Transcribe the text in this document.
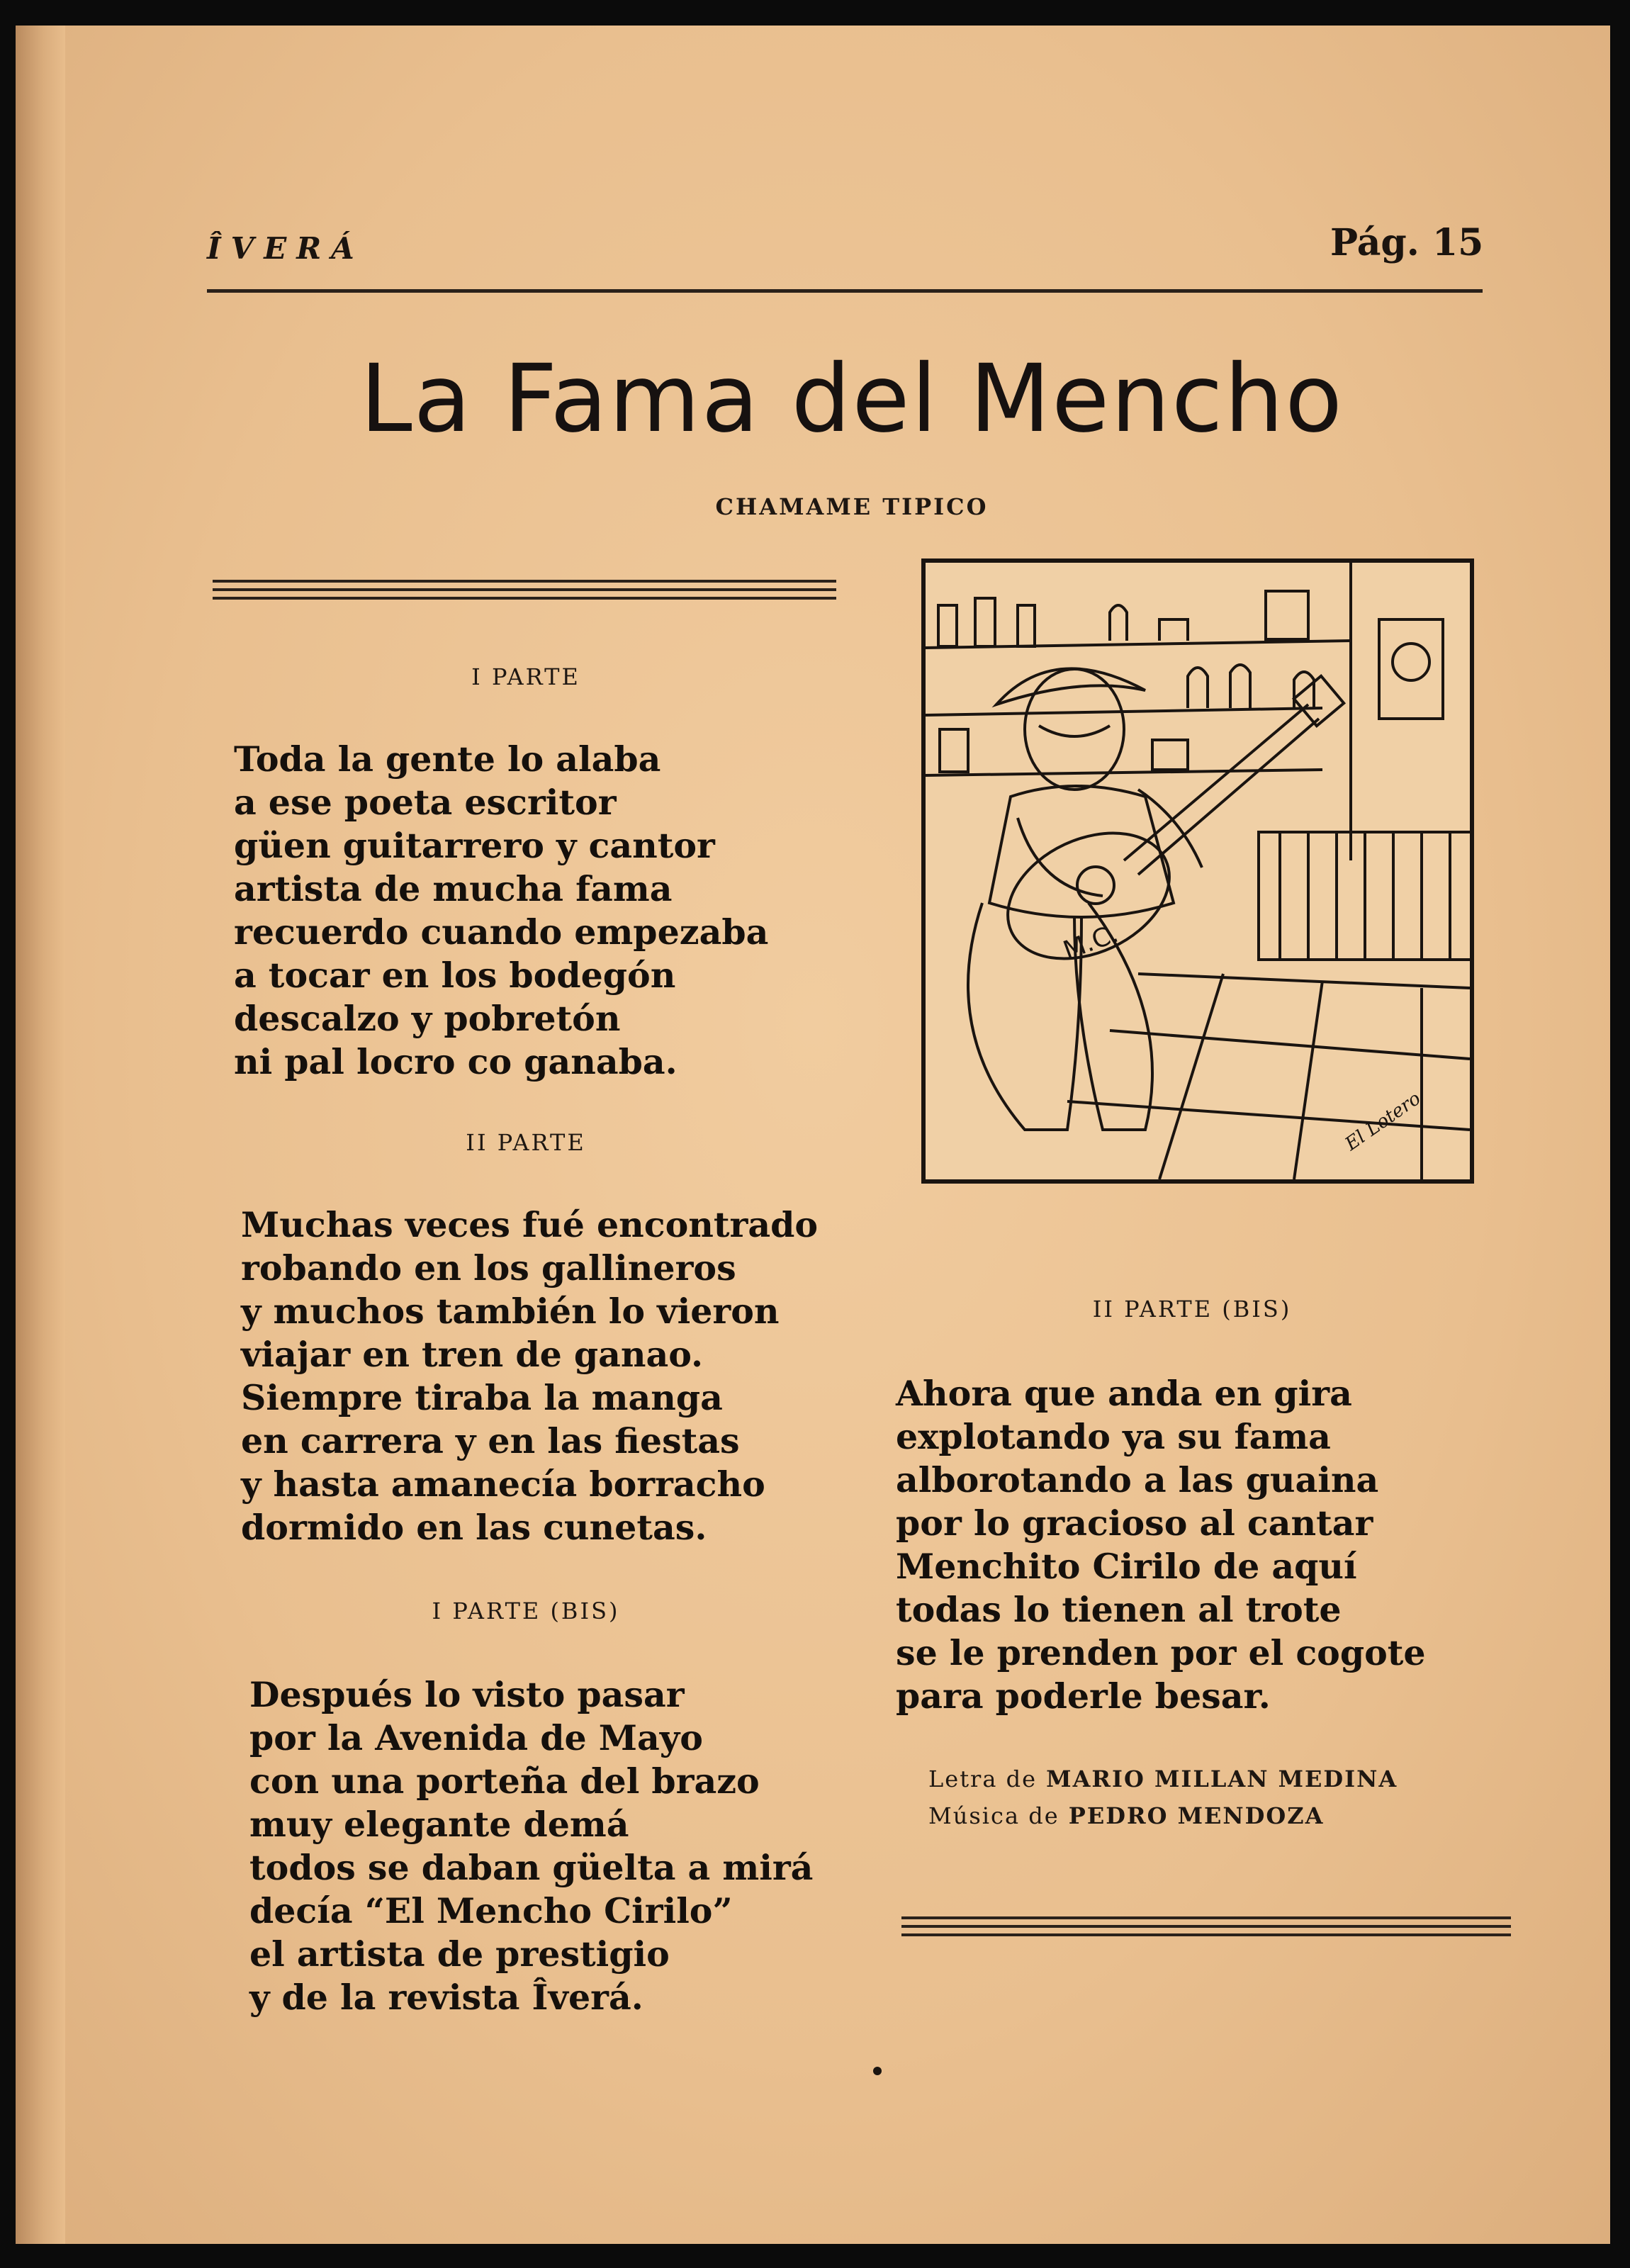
ÎVERÁ	Pág. 15
La Fama del Mencho
CHAMAME TIPICO
I PARTE
Toda la gente lo alaba
a ese poeta escritor
güen guitarrero y cantor
artista de mucha fama
recuerdo cuando empezaba
a tocar en los bodegón
descalzo y pobretón
ni pal locro co ganaba.
II PARTE
Muchas veces fué encontrado
robando en los gallineros
y muchos también lo vieron
viajar en tren de ganao.
Siempre tiraba la manga
en carrera y en las fiestas
y hasta amanecía borracho
dormido en las cunetas.
I PARTE (BIS)
Después lo visto pasar
por la Avenida de Mayo
con una porteña del brazo
muy elegante demá
todos se daban güelta a mirá
decía “El Mencho Cirilo”
el artista de prestigio
y de la revista Îverá.
M.C.
El Lotero
II PARTE (BIS)
Ahora que anda en gira
explotando ya su fama
alborotando a las guaina
por lo gracioso al cantar
Menchito Cirilo de aquí
todas lo tienen al trote
se le prenden por el cogote
para poderle besar.
Letra de MARIO MILLAN MEDINA
Música de PEDRO MENDOZA
